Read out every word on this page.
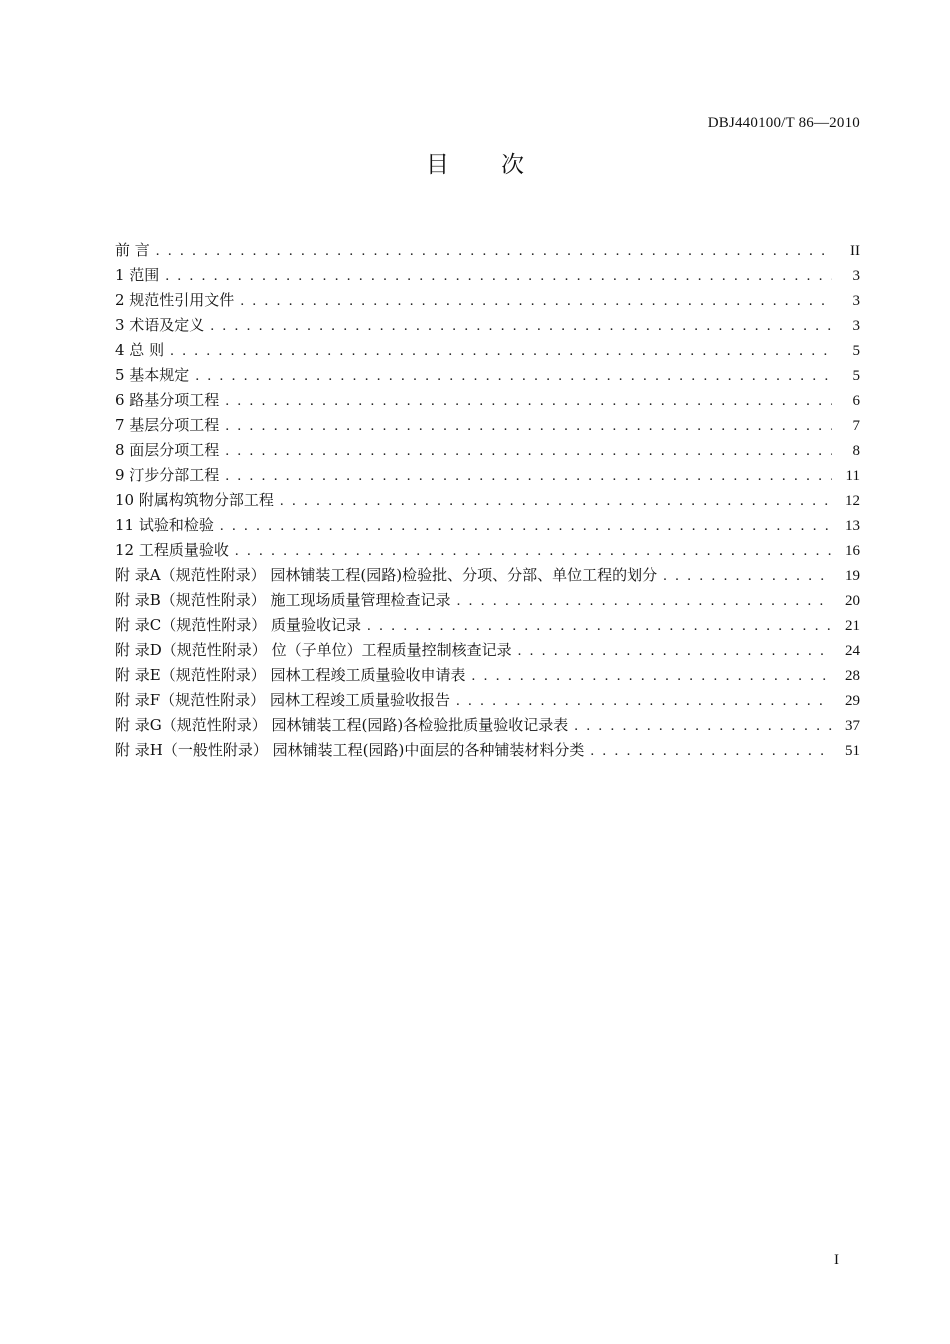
DBJ440100/T 86—2010
目次
前 言 . . .	II
1 范围 . . .	3
2 规范性引用文件 . . .	3
3 术语及定义 . . .	3
4 总 则 . . .	5
5 基本规定 . . .	5
6 路基分项工程 . . .	6
7 基层分项工程 . . .	7
8 面层分项工程 . . .	8
9 汀步分部工程 . . .	11
10 附属构筑物分部工程 . . .	12
11 试验和检验 . . .	13
12 工程质量验收 . . .	16
附 录A（规范性附录） 园林铺装工程(园路)检验批、分项、分部、单位工程的划分 . . .	19
附 录B（规范性附录） 施工现场质量管理检查记录 . . .	20
附 录C（规范性附录） 质量验收记录 . . .	21
附 录D（规范性附录） 位（子单位）工程质量控制核查记录 . . .	24
附 录E（规范性附录） 园林工程竣工质量验收申请表 . . .	28
附 录F（规范性附录） 园林工程竣工质量验收报告 . . .	29
附 录G（规范性附录） 园林铺装工程(园路)各检验批质量验收记录表 . . .	37
附 录H（一般性附录） 园林铺装工程(园路)中面层的各种铺装材料分类 . . .	51
I
